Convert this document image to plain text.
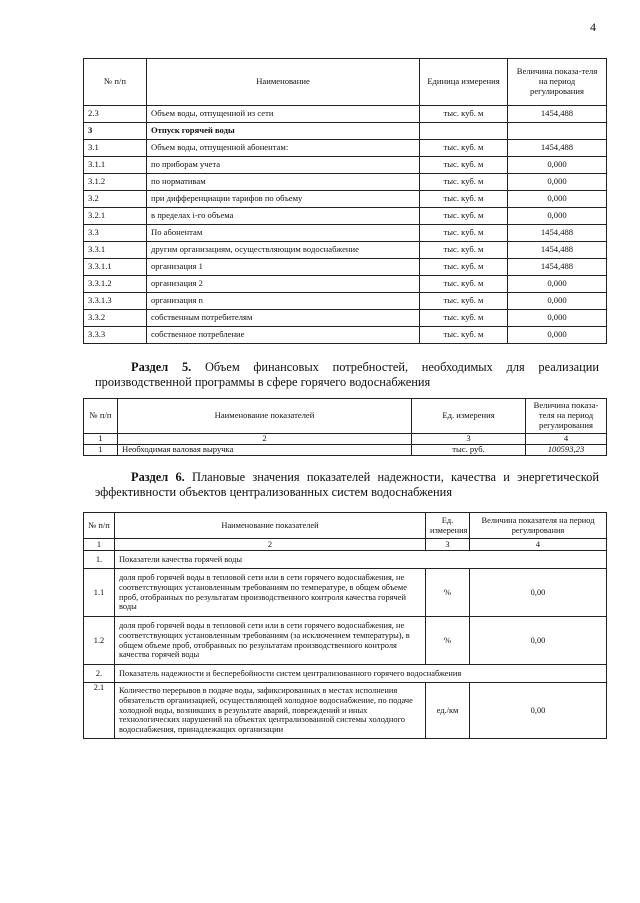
4
№ п/п	Наименование	Единица измерения	Величина показа-теля на период регулирования
2.3	Объем воды, отпущенной из сети	тыс. куб. м	1454,488
3	Отпуск горячей воды		
3.1	Объем воды, отпущенной абонентам:	тыс. куб. м	1454,488
3.1.1	по приборам учета	тыс. куб. м	0,000
3.1.2	по нормативам	тыс. куб. м	0,000
3.2	при дифференциации тарифов по объему	тыс. куб. м	0,000
3.2.1	в пределах i-го объема	тыс. куб. м	0,000
3.3	По абонентам	тыс. куб. м	1454,488
3.3.1	другим организациям, осуществляющим водоснабжение	тыс. куб. м	1454,488
3.3.1.1	организация 1	тыс. куб. м	1454,488
3.3.1.2	организация 2	тыс. куб. м	0,000
3.3.1.3	организация n	тыс. куб. м	0,000
3.3.2	собственным потребителям	тыс. куб. м	0,000
3.3.3	собственное потребление	тыс. куб. м	0,000
Раздел 5. Объем финансовых потребностей, необходимых для реализации производственной программы в сфере горячего водоснабжения
№ п/п	Наименование показателей	Ед. измерения	Величина показа-теля на период регулирования
1	2	3	4
1	Необходимая валовая выручка	тыс. руб.	100593,23
Раздел 6. Плановые значения показателей надежности, качества и энергетической эффективности объектов централизованных систем водоснабжения
№ п/п	Наименование показателей	Ед. измерения	Величина показателя на период регулирования
1	2	3	4
1.	Показатели качества горячей воды		
1.1	доля проб горячей воды в тепловой сети или в сети горячего водоснабжения, не соответствующих установленным требованиям по температуре, в общем объеме проб, отобранных по результатам производственного контроля качества горячей воды	%	0,00
1.2	доля проб горячей воды в тепловой сети или в сети горячего водоснабжения, не соответствующих установленным требованиям (за исключением температуры), в общем объеме проб, отобранных по результатам производственного контроля качества горячей воды	%	0,00
2.	Показатель надежности и бесперебойности систем централизованного горячего водоснабжения		
2.1	Количество перерывов в подаче воды, зафиксированных в местах исполнения обязательств организацией, осуществляющей холодное водоснабжение, по подаче холодной воды, возникших в результате аварий, повреждений и иных технологических нарушений на объектах централизованной системы холодного водоснабжения, принадлежащих организации	ед./км	0,00
